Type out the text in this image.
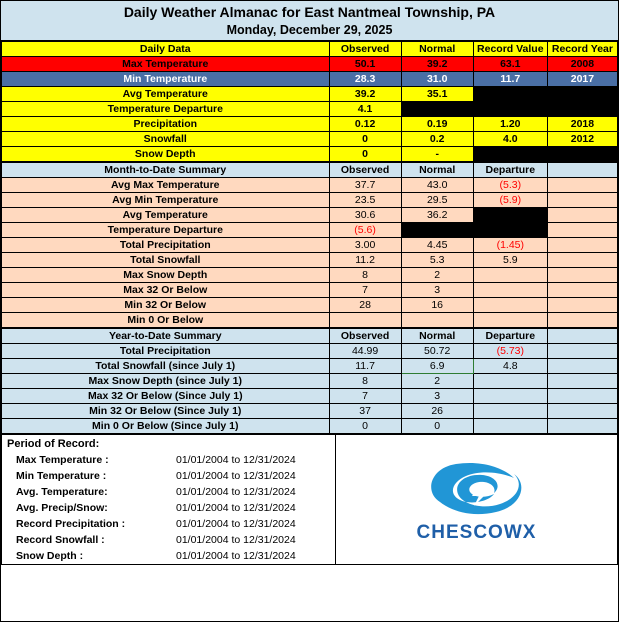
Daily Weather Almanac for East Nantmeal Township, PA
Monday, December 29, 2025
Daily Data	Observed	Normal	Record Value	Record Year
Max Temperature	50.1	39.2	63.1	2008
Min Temperature	28.3	31.0	11.7	2017
Avg Temperature	39.2	35.1		
Temperature Departure	4.1			
Precipitation	0.12	0.19	1.20	2018
Snowfall	0	0.2	4.0	2012
Snow Depth	0	-		
Month-to-Date Summary	Observed	Normal	Departure	
Avg Max Temperature	37.7	43.0	(5.3)	
Avg Min Temperature	23.5	29.5	(5.9)	
Avg Temperature	30.6	36.2		
Temperature Departure	(5.6)			
Total Precipitation	3.00	4.45	(1.45)	
Total Snowfall	11.2	5.3	5.9	
Max Snow Depth	8	2		
Max 32 Or Below	7	3		
Min 32 Or Below	28	16		
Min 0 Or Below				
Year-to-Date Summary	Observed	Normal	Departure	
Total Precipitation	44.99	50.72	(5.73)	
Total Snowfall (since July 1)	11.7	6.9	4.8	
Max Snow Depth (since July 1)	8	2		
Max 32 Or Below (Since July 1)	7	3		
Min 32 Or Below (Since July 1)	37	26		
Min 0 Or Below (Since July 1)	0	0		
Period of Record:
Max Temperature :	01/01/2004 to 12/31/2024
Min Temperature :	01/01/2004 to 12/31/2024
Avg. Temperature:	01/01/2004 to 12/31/2024
Avg. Precip/Snow:	01/01/2004 to 12/31/2024
Record Precipitation :	01/01/2004 to 12/31/2024
Record Snowfall :	01/01/2004 to 12/31/2024
Snow Depth :	01/01/2004 to 12/31/2024
CHESCOWX
